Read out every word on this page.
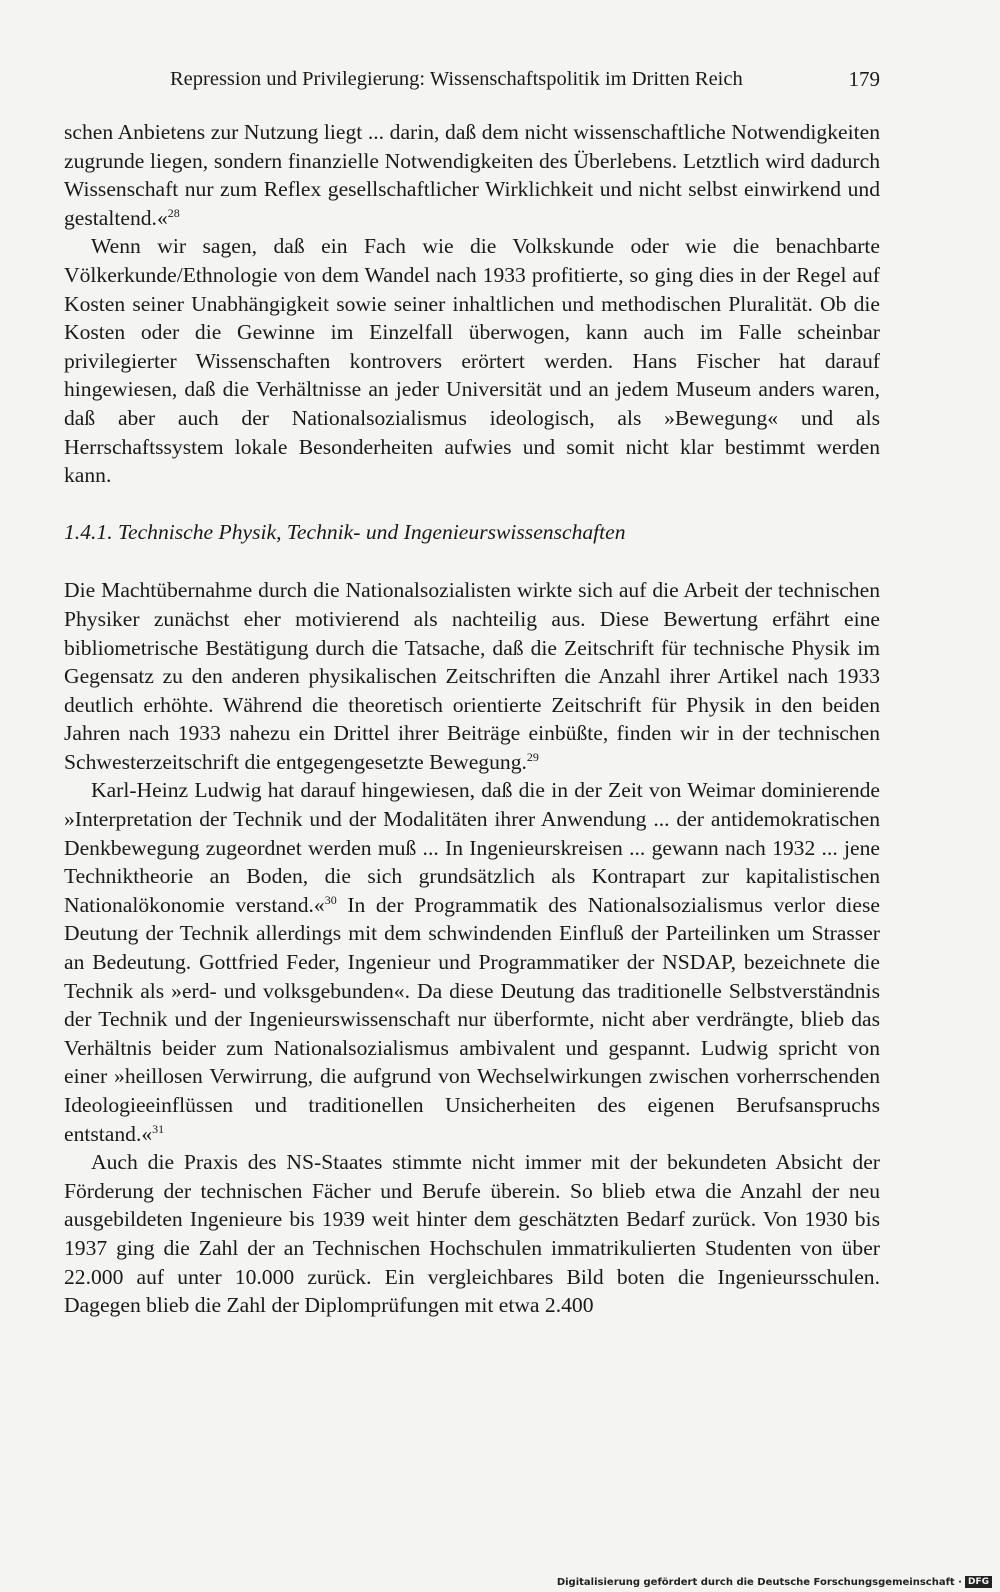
Repression und Privilegierung: Wissenschaftspolitik im Dritten Reich	179

schen Anbietens zur Nutzung liegt ... darin, daß dem nicht wissenschaftliche Notwendigkeiten zugrunde liegen, sondern finanzielle Notwendigkeiten des Überlebens. Letztlich wird dadurch Wissenschaft nur zum Reflex gesellschaftlicher Wirklichkeit und nicht selbst einwirkend und gestaltend.«$^{28}$

Wenn wir sagen, daß ein Fach wie die Volkskunde oder wie die benachbarte Völkerkunde/Ethnologie von dem Wandel nach 1933 profitierte, so ging dies in der Regel auf Kosten seiner Unabhängigkeit sowie seiner inhaltlichen und methodischen Pluralität. Ob die Kosten oder die Gewinne im Einzelfall überwogen, kann auch im Falle scheinbar privilegierter Wissenschaften kontrovers erörtert werden. Hans Fischer hat darauf hingewiesen, daß die Verhältnisse an jeder Universität und an jedem Museum anders waren, daß aber auch der Nationalsozialismus ideologisch, als »Bewegung« und als Herrschaftssystem lokale Besonderheiten aufwies und somit nicht klar bestimmt werden kann.

1.4.1. Technische Physik, Technik- und Ingenieurswissenschaften

Die Machtübernahme durch die Nationalsozialisten wirkte sich auf die Arbeit der technischen Physiker zunächst eher motivierend als nachteilig aus. Diese Bewertung erfährt eine bibliometrische Bestätigung durch die Tatsache, daß die Zeitschrift für technische Physik im Gegensatz zu den anderen physikalischen Zeitschriften die Anzahl ihrer Artikel nach 1933 deutlich erhöhte. Während die theoretisch orientierte Zeitschrift für Physik in den beiden Jahren nach 1933 nahezu ein Drittel ihrer Beiträge einbüßte, finden wir in der technischen Schwesterzeitschrift die entgegengesetzte Bewegung.$^{29}$

Karl-Heinz Ludwig hat darauf hingewiesen, daß die in der Zeit von Weimar dominierende »Interpretation der Technik und der Modalitäten ihrer Anwendung ... der antidemokratischen Denkbewegung zugeordnet werden muß ... In Ingenieurskreisen ... gewann nach 1932 ... jene Techniktheorie an Boden, die sich grundsätzlich als Kontrapart zur kapitalistischen Nationalökonomie verstand.«$^{30}$ In der Programmatik des Nationalsozialismus verlor diese Deutung der Technik allerdings mit dem schwindenden Einfluß der Parteilinken um Strasser an Bedeutung. Gottfried Feder, Ingenieur und Programmatiker der NSDAP, bezeichnete die Technik als »erd- und volksgebunden«. Da diese Deutung das traditionelle Selbstverständnis der Technik und der Ingenieurswissenschaft nur überformte, nicht aber verdrängte, blieb das Verhältnis beider zum Nationalsozialismus ambivalent und gespannt. Ludwig spricht von einer »heillosen Verwirrung, die aufgrund von Wechselwirkungen zwischen vorherrschenden Ideologieeinflüssen und traditionellen Unsicherheiten des eigenen Berufsanspruchs entstand.«$^{31}$

Auch die Praxis des NS-Staates stimmte nicht immer mit der bekundeten Absicht der Förderung der technischen Fächer und Berufe überein. So blieb etwa die Anzahl der neu ausgebildeten Ingenieure bis 1939 weit hinter dem geschätzten Bedarf zurück. Von 1930 bis 1937 ging die Zahl der an Technischen Hochschulen immatrikulierten Studenten von über 22.000 auf unter 10.000 zurück. Ein vergleichbares Bild boten die Ingenieursschulen. Dagegen blieb die Zahl der Diplomprüfungen mit etwa 2.400

Digitalisierung gefördert durch die Deutsche Forschungsgemeinschaft · DFG
